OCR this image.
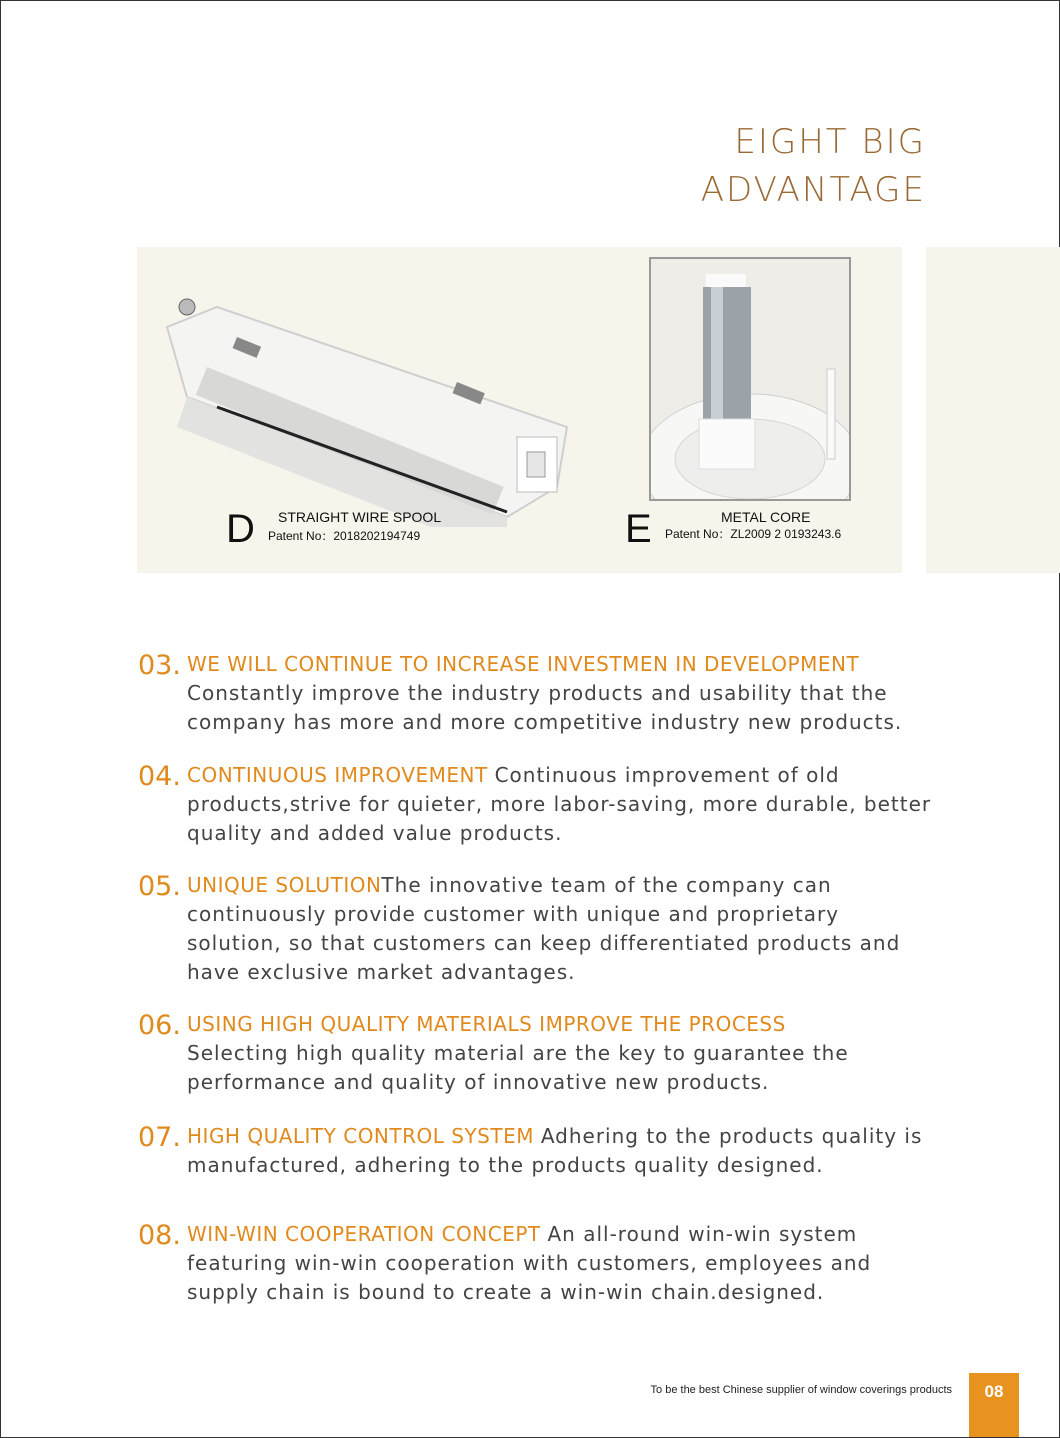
EIGHT BIG
ADVANTAGE
D STRAIGHT WIRE SPOOL
Patent No：2018202194749	E	METAL CORE
Patent No：ZL2009 2 0193243.6
03. WE WILL CONTINUE TO INCREASE INVESTMEN IN DEVELOPMENT
Constantly improve the industry products and usability that the company has more and more competitive industry new products.
04. CONTINUOUS IMPROVEMENT Continuous improvement of old products,strive for quieter, more labor-saving, more durable, better quality and added value products.
05. UNIQUE SOLUTIONThe innovative team of the company can continuously provide customer with unique and proprietary solution, so that customers can keep differentiated products and have exclusive market advantages.
06. USING HIGH QUALITY MATERIALS IMPROVE THE PROCESS
Selecting high quality material are the key to guarantee the performance and quality of innovative new products.
07. HIGH QUALITY CONTROL SYSTEM Adhering to the products quality is manufactured, adhering to the products quality designed.
08. WIN-WIN COOPERATION CONCEPT An all-round win-win system featuring win-win cooperation with customers, employees and supply chain is bound to create a win-win chain.designed.
To be the best Chinese supplier of window coverings products	08
